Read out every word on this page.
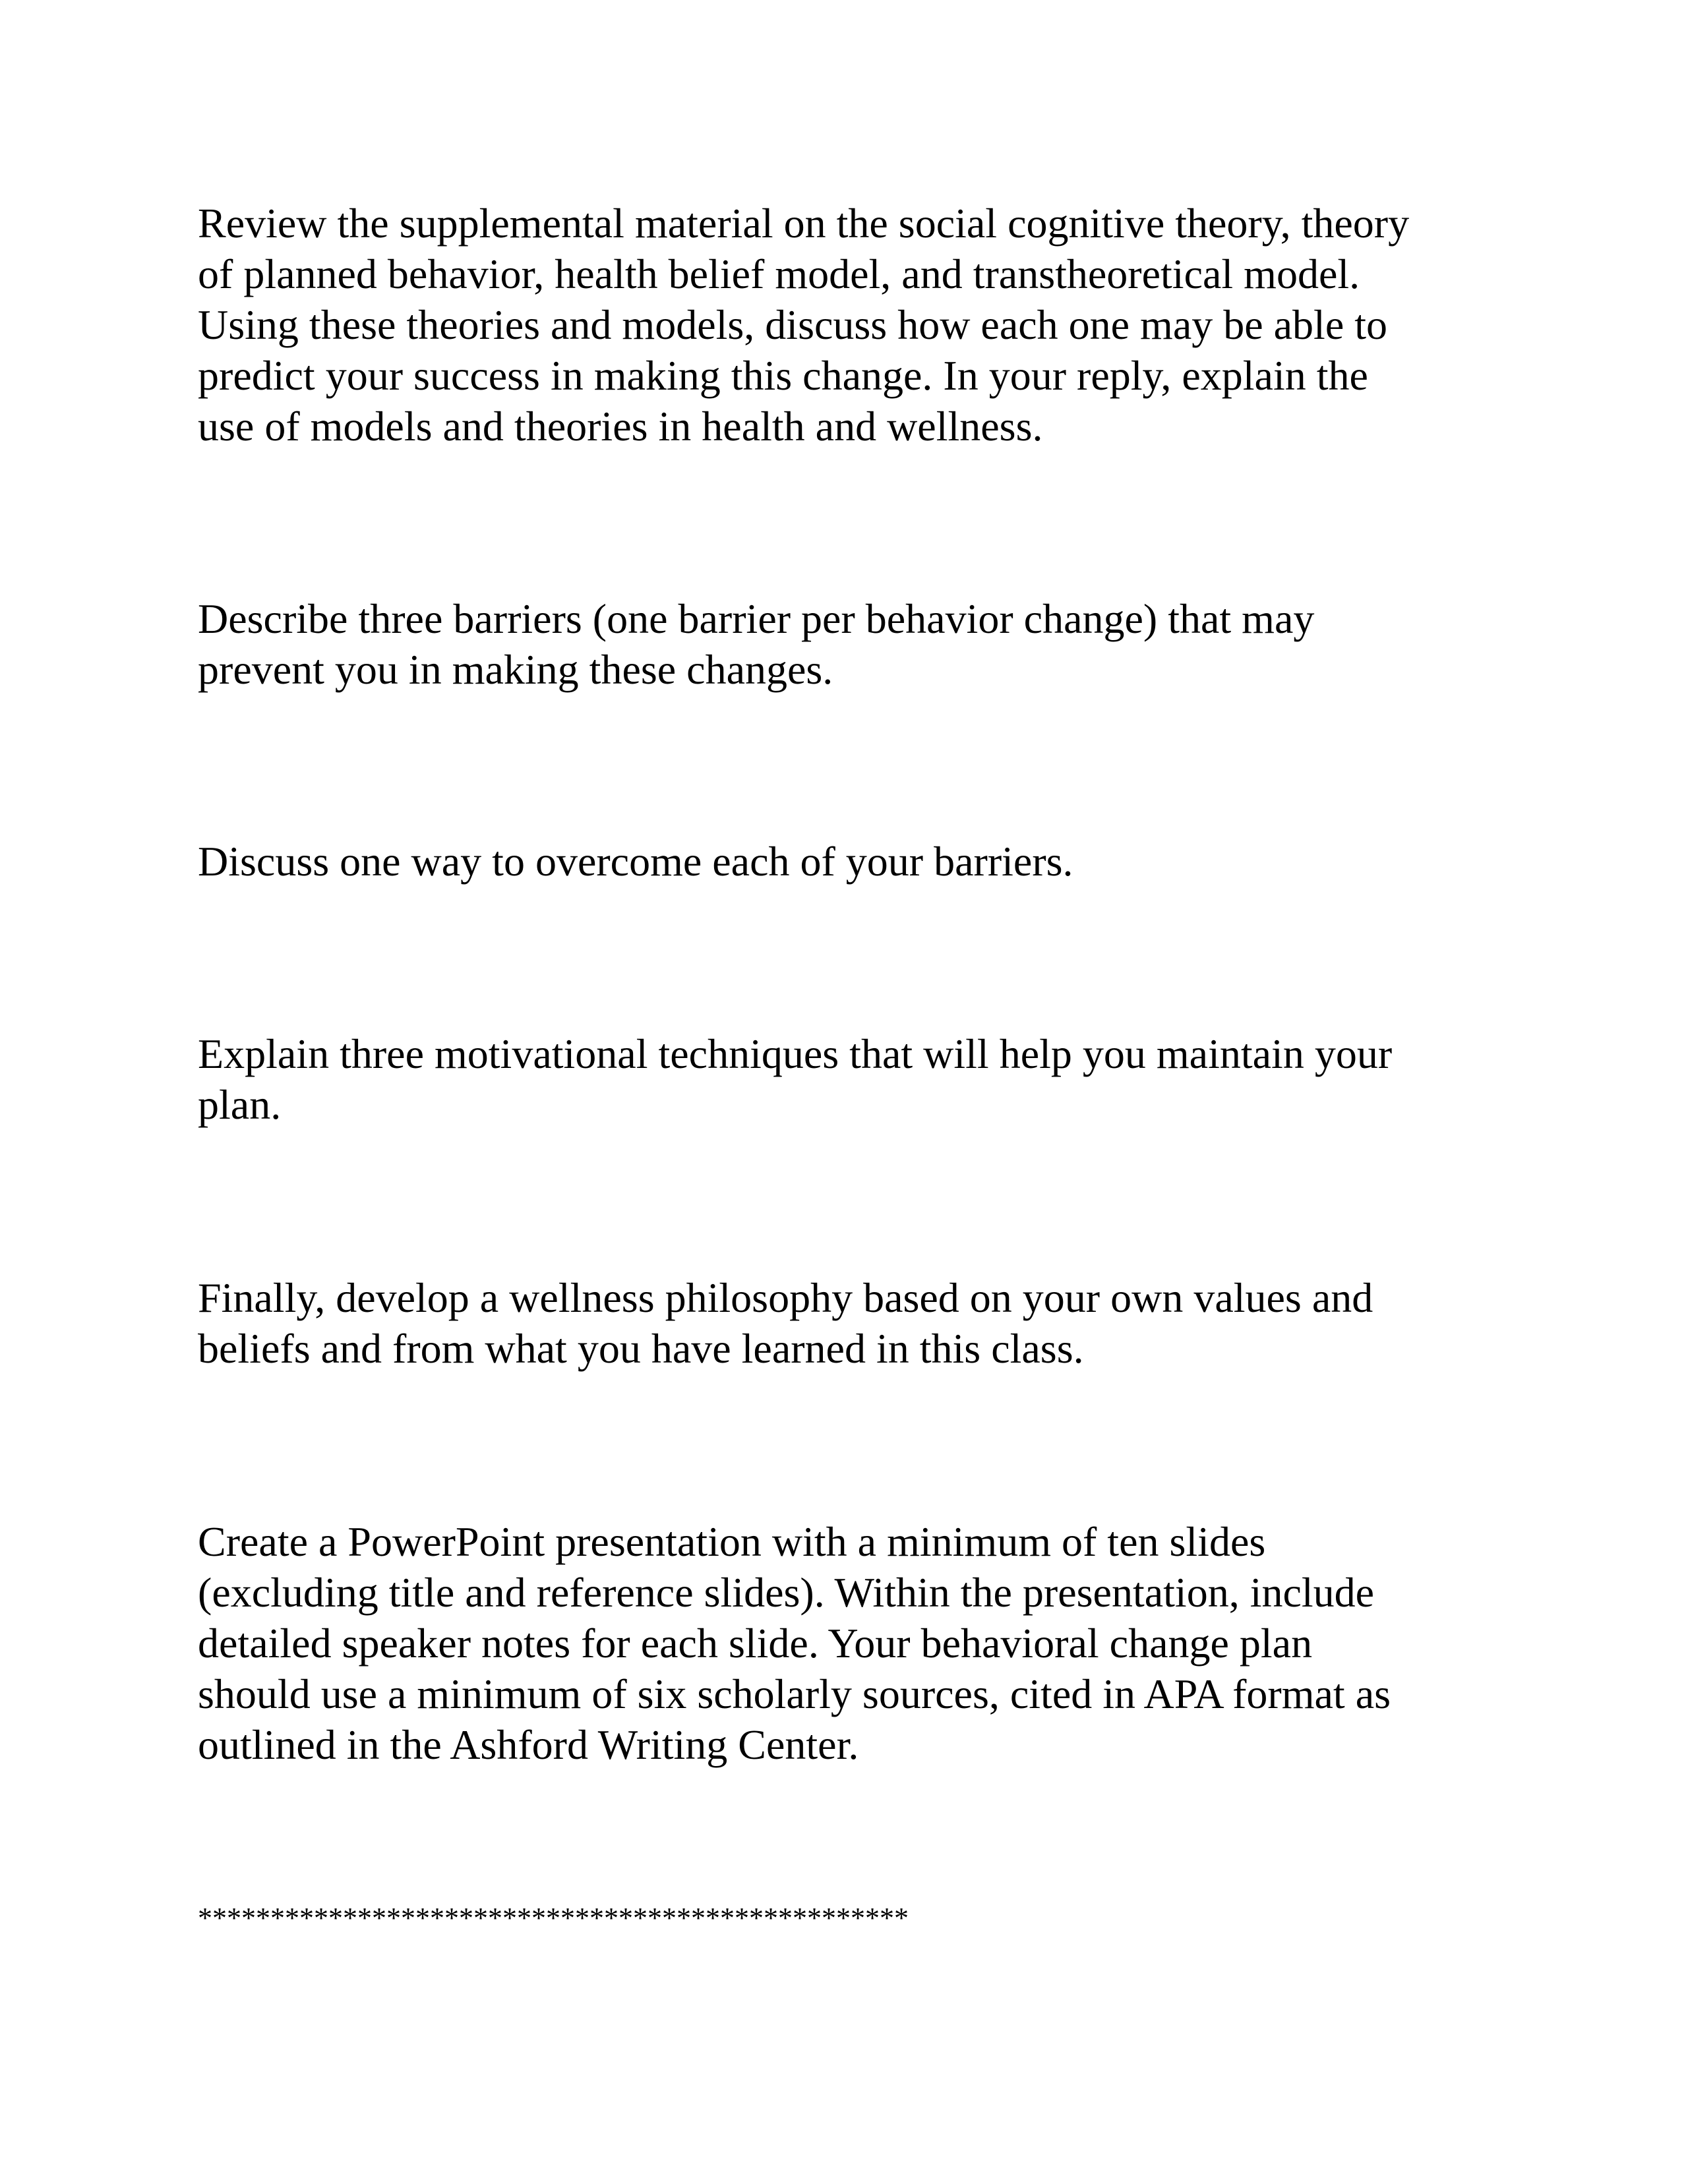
Review the supplemental material on the social cognitive theory, theory
of planned behavior, health belief model, and transtheoretical model.
Using these theories and models, discuss how each one may be able to
predict your success in making this change. In your reply, explain the
use of models and theories in health and wellness.

Describe three barriers (one barrier per behavior change) that may
prevent you in making these changes.

Discuss one way to overcome each of your barriers.

Explain three motivational techniques that will help you maintain your
plan.

Finally, develop a wellness philosophy based on your own values and
beliefs and from what you have learned in this class.

Create a PowerPoint presentation with a minimum of ten slides
(excluding title and reference slides). Within the presentation, include
detailed speaker notes for each slide. Your behavioral change plan
should use a minimum of six scholarly sources, cited in APA format as
outlined in the Ashford Writing Center.

*************************************************
